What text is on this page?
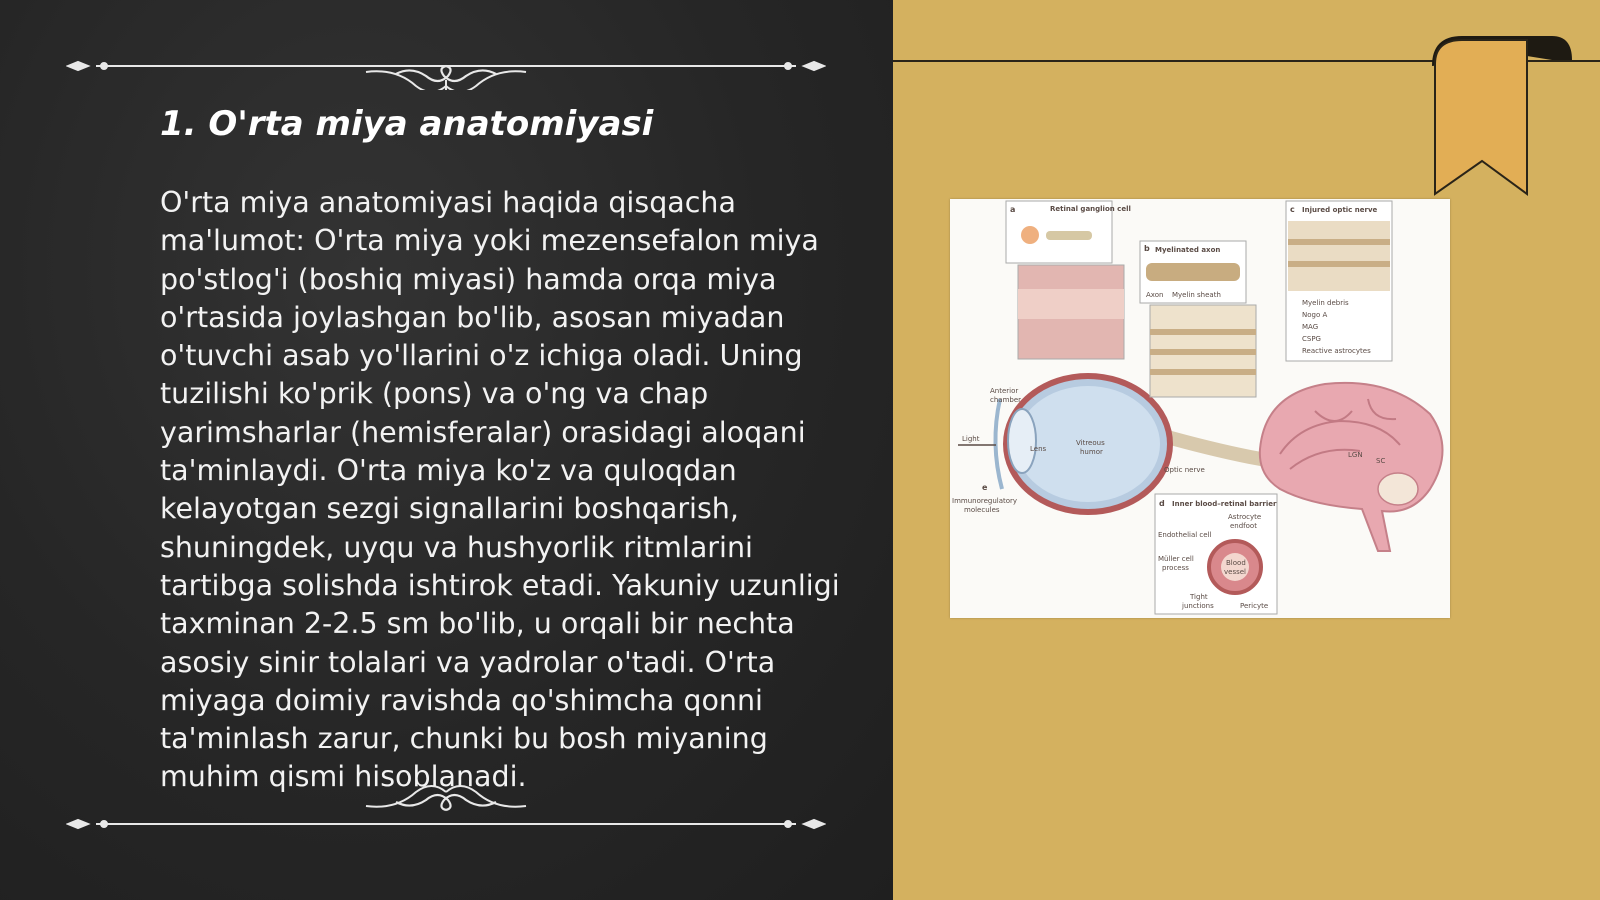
1. O'rta miya anatomiyasi

O'rta miya anatomiyasi haqida qisqacha ma'lumot: O'rta miya yoki mezensefalon miya po'stlog'i (boshiq miyasi) hamda orqa miya o'rtasida joylashgan bo'lib, asosan miyadan o'tuvchi asab yo'llarini o'z ichiga oladi. Uning tuzilishi ko'prik (pons) va o'ng va chap yarimsharlar (hemisferalar) orasidagi aloqani ta'minlaydi. O'rta miya ko'z va quloqdan kelayotgan sezgi signallarini boshqarish, shuningdek, uyqu va hushyorlik ritmlarini tartibga solishda ishtirok etadi. Yakuniy uzunligi taxminan 2-2.5 sm bo'lib, u orqali bir nechta asosiy sinir tolalari va yadrolar o'tadi. O'rta miyaga doimiy ravishda qo'shimcha qonni ta'minlash zarur, chunki bu bosh miyaning muhim qismi hisoblanadi.

a	Retinal ganglion cell
b Myelinated axon
Axon Myelin sheath
c Injured optic nerve
Myelin debris
Nogo A
MAG
CSPG
Reactive astrocytes
d Inner blood–retinal barrier
Endothelial cell
Astrocyte
endfoot
Müller cell
process
Blood
vessel
Tight
junctions	Pericyte
e
Immunoregulatory
molecules
Anterior
chamber
Light
Lens
Vitreous
humor
Optic nerve
LGN
SC
